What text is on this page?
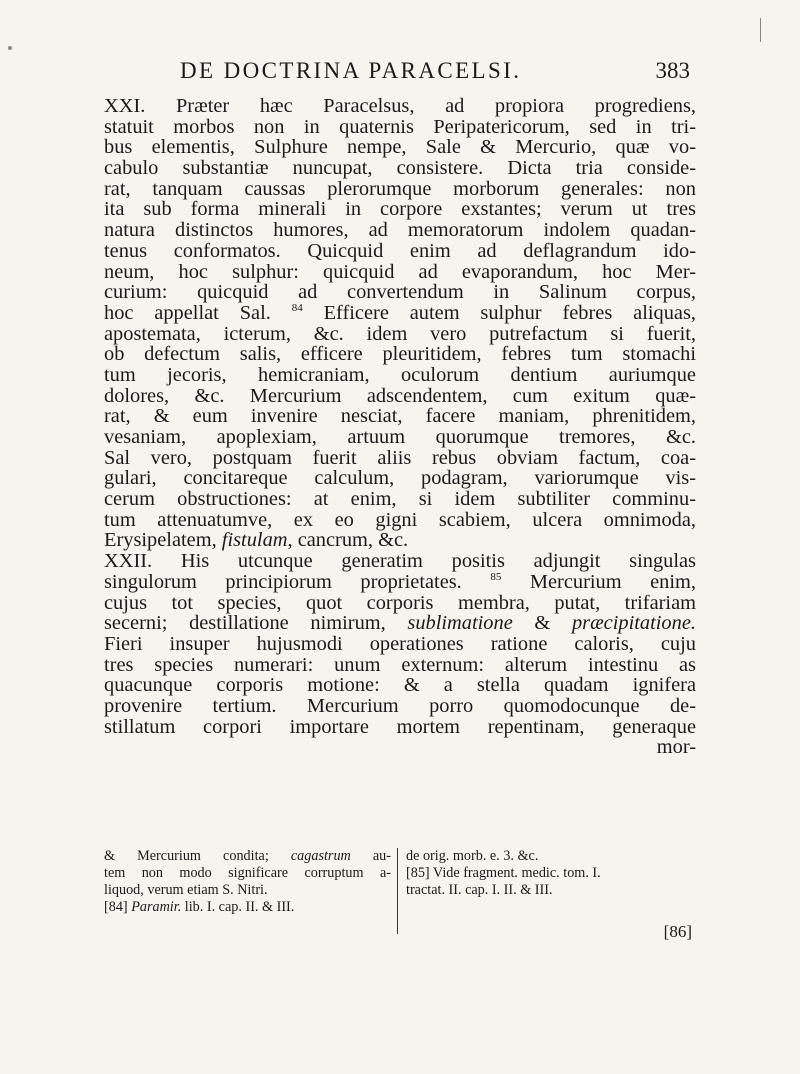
DE DOCTRINA PARACELSI.	383
XXI. Præter hæc Paracelsus, ad propiora progrediens,
statuit morbos non in quaternis Peripatericorum, sed in tri-
bus elementis, Sulphure nempe, Sale & Mercurio, quæ vo-
cabulo substantiæ nuncupat, consistere. Dicta tria conside-
rat, tanquam caussas plerorumque morborum generales: non
ita sub forma minerali in corpore exstantes; verum ut tres
natura distinctos humores, ad memoratorum indolem quadan-
tenus conformatos. Quicquid enim ad deflagrandum ido-
neum, hoc sulphur: quicquid ad evaporandum, hoc Mer-
curium: quicquid ad convertendum in Salinum corpus,
hoc appellat Sal. $^{84}$ Efficere autem sulphur febres aliquas,
apostemata, icterum, &c. idem vero putrefactum si fuerit,
ob defectum salis, efficere pleuritidem, febres tum stomachi
tum jecoris, hemicraniam, oculorum dentium auriumque
dolores, &c. Mercurium adscendentem, cum exitum quæ-
rat, & eum invenire nesciat, facere maniam, phrenitidem,
vesaniam, apoplexiam, artuum quorumque tremores, &c.
Sal vero, postquam fuerit aliis rebus obviam factum, coa-
gulari, concitareque calculum, podagram, variorumque vis-
cerum obstructiones: at enim, si idem subtiliter comminu-
tum attenuatumve, ex eo gigni scabiem, ulcera omnimoda,
Erysipelatem, fistulam, cancrum, &c.
XXII. His utcunque generatim positis adjungit singulas
singulorum principiorum proprietates. $^{85}$ Mercurium enim,
cujus tot species, quot corporis membra, putat, trifariam
secerni; destillatione nimirum, sublimatione & præcipitatione.
Fieri insuper hujusmodi operationes ratione caloris, cuju
tres species numerari: unum externum: alterum intestinu as
quacunque corporis motione: & a stella quadam ignifera
provenire tertium. Mercurium porro quomodocunque de-
stillatum corpori importare mortem repentinam, generaque
mor-
& Mercurium condita; cagastrum au-
tem non modo significare corruptum a-
liquod, verum etiam S. Nitri.
[84] Paramir. lib. I. cap. II. & III.
de orig. morb. e. 3. &c.
[85] Vide fragment. medic. tom. I.
tractat. II. cap. I. II. & III.
[86]
